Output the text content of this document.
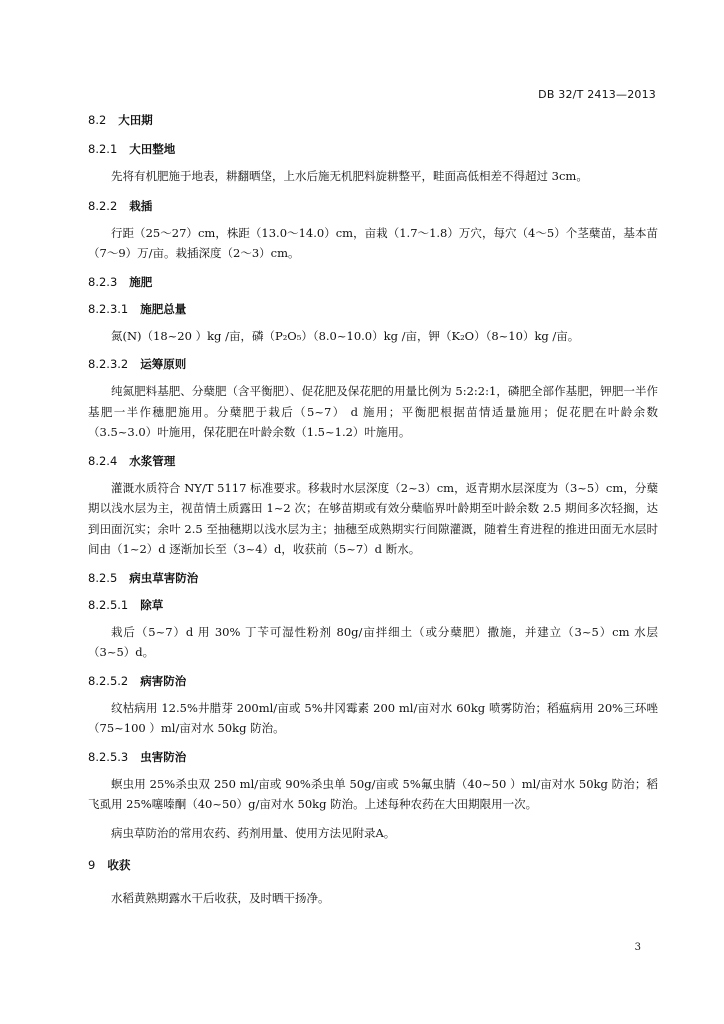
DB 32/T 2413—2013
8.2 大田期
8.2.1 大田整地

先将有机肥施于地表，耕翻晒垡，上水后施无机肥料旋耕整平，畦面高低相差不得超过 3cm。

8.2.2 栽插

行距（25～27）cm，株距（13.0～14.0）cm，亩栽（1.7～1.8）万穴，每穴（4～5）个茎蘖苗，基本苗（7～9）万/亩。栽插深度（2～3）cm。

8.2.3 施肥
8.2.3.1 施肥总量

氮(N)（18~20 ）kg /亩，磷（P₂O₅）（8.0~10.0）kg /亩，钾（K₂O）（8~10）kg /亩。

8.2.3.2 运筹原则

纯氮肥料基肥、分蘖肥（含平衡肥）、促花肥及保花肥的用量比例为 5:2:2:1，磷肥全部作基肥，钾肥一半作基肥一半作穗肥施用。分蘖肥于栽后（5~7） d 施用；平衡肥根据苗情适量施用；促花肥在叶龄余数（3.5~3.0）叶施用，保花肥在叶龄余数（1.5~1.2）叶施用。

8.2.4 水浆管理

灌溉水质符合 NY/T 5117 标准要求。移栽时水层深度（2~3）cm，返青期水层深度为（3~5）cm，分蘖期以浅水层为主，视苗情土质露田 1~2 次；在够苗期或有效分蘖临界叶龄期至叶龄余数 2.5 期间多次轻搁，达到田面沉实；余叶 2.5 至抽穗期以浅水层为主；抽穗至成熟期实行间隙灌溉，随着生育进程的推进田面无水层时间由（1~2）d 逐渐加长至（3~4）d，收获前（5~7）d 断水。

8.2.5 病虫草害防治
8.2.5.1 除草

栽后（5~7）d 用 30% 丁苄可湿性粉剂 80g/亩拌细土（或分蘖肥）撒施，并建立（3~5）cm 水层（3~5）d。

8.2.5.2 病害防治

纹枯病用 12.5%井腊芽 200ml/亩或 5%井冈霉素 200 ml/亩对水 60kg 喷雾防治；稻瘟病用 20%三环唑（75~100 ）ml/亩对水 50kg 防治。

8.2.5.3 虫害防治

螟虫用 25%杀虫双 250 ml/亩或 90%杀虫单 50g/亩或 5%氟虫腈（40~50 ）ml/亩对水 50kg 防治；稻飞虱用 25%噻嗪酮（40~50）g/亩对水 50kg 防治。上述每种农药在大田期限用一次。

病虫草防治的常用农药、药剂用量、使用方法见附录A。

9 收获

水稻黄熟期露水干后收获，及时晒干扬净。

3
